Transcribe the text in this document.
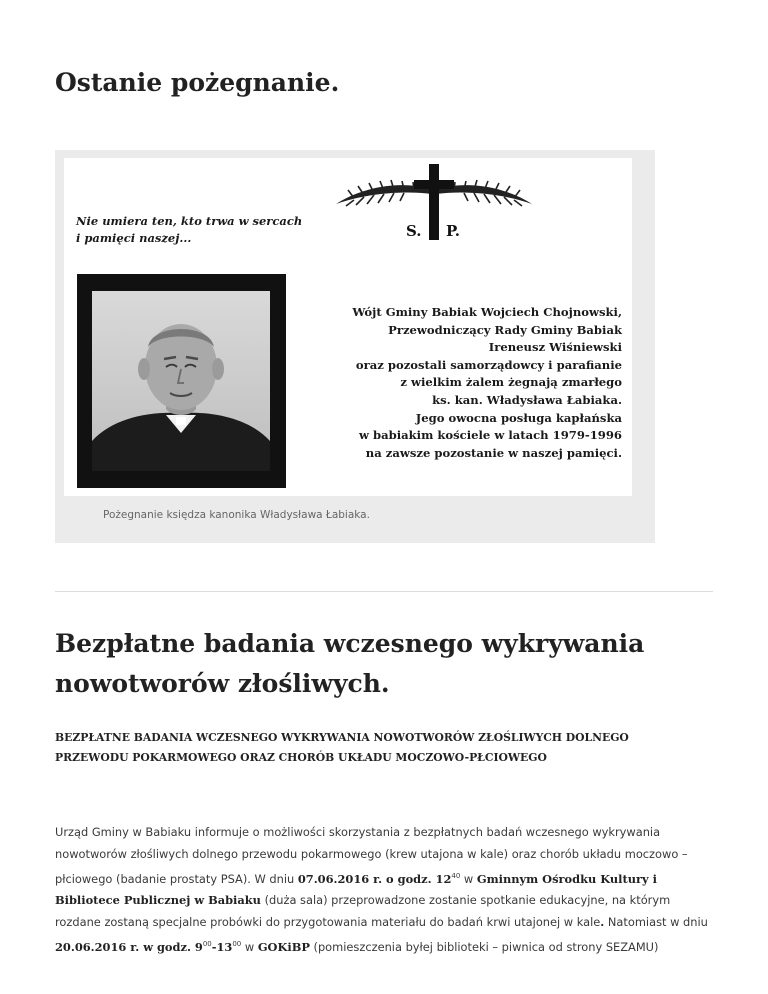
Ostanie pożegnanie.

Nie umiera ten, kto trwa w sercach
i pamięci naszej...	S. P.

Wójt Gminy Babiak Wojciech Chojnowski,
Przewodniczący Rady Gminy Babiak
Ireneusz Wiśniewski
oraz pozostali samorządowcy i parafianie
z wielkim żalem żegnają zmarłego
ks. kan. Władysława Łabiaka.
Jego owocna posługa kapłańska
w babiakim kościele w latach 1979-1996
na zawsze pozostanie w naszej pamięci.

Pożegnanie księdza kanonika Władysława Łabiaka.
Bezpłatne badania wczesnego wykrywania nowotworów złośliwych.

BEZPŁATNE BADANIA WCZESNEGO WYKRYWANIA NOWOTWORÓW ZŁOŚLIWYCH DOLNEGO PRZEWODU POKARMOWEGO ORAZ CHORÓB UKŁADU MOCZOWO-PŁCIOWEGO

Urząd Gminy w Babiaku informuje o możliwości skorzystania z bezpłatnych badań wczesnego wykrywania nowotworów złośliwych dolnego przewodu pokarmowego (krew utajona w kale) oraz chorób układu moczowo – płciowego (badanie prostaty PSA). W dniu 07.06.2016 r. o godz. $12^{40}$ w Gminnym Ośrodku Kultury i Bibliotece Publicznej w Babiaku (duża sala) przeprowadzone zostanie spotkanie edukacyjne, na którym rozdane zostaną specjalne probówki do przygotowania materiału do badań krwi utajonej w kale. Natomiast w dniu 20.06.2016 r. w godz. $9^{00}-13^{00}$ w GOKiBP (pomieszczenia byłej biblioteki – piwnica od strony SEZAMU)
